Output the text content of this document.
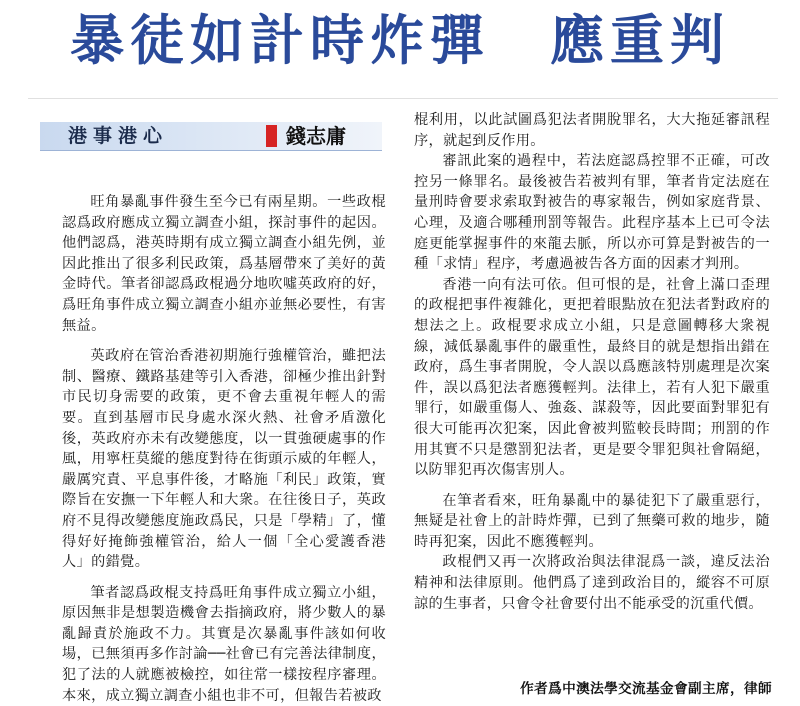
暴徒如計時炸彈　應重判
港事港心	錢志庸

旺角暴亂事件發生至今已有兩星期。一些政棍認爲政府應成立獨立調查小組，探討事件的起因。他們認爲，港英時期有成立獨立調查小組先例，並因此推出了很多利民政策，爲基層帶來了美好的黃金時代。筆者卻認爲政棍過分地吹噓英政府的好，爲旺角事件成立獨立調查小組亦並無必要性，有害無益。

英政府在管治香港初期施行強權管治，雖把法制、醫療、鐵路基建等引入香港，卻極少推出針對市民切身需要的政策，更不會去重視年輕人的需要。直到基層市民身處水深火熱、社會矛盾激化後，英政府亦未有改變態度，以一貫強硬處事的作風，用寧枉莫縱的態度對待在街頭示威的年輕人，嚴厲究責、平息事件後，才略施「利民」政策，實際旨在安撫一下年輕人和大衆。在往後日子，英政府不見得改變態度施政爲民，只是「學精」了，懂得好好掩飾強權管治，給人一個「全心愛護香港人」的錯覺。

筆者認爲政棍支持爲旺角事件成立獨立小組，原因無非是想製造機會去指摘政府，將少數人的暴亂歸責於施政不力。其實是次暴亂事件該如何收場，已無須再多作討論──社會已有完善法律制度，犯了法的人就應被檢控，如往常一樣按程序審理。本來，成立獨立調查小組也非不可，但報告若被政

棍利用，以此試圖爲犯法者開脫罪名，大大拖延審訊程序，就起到反作用。

審訊此案的過程中，若法庭認爲控罪不正確，可改控另一條罪名。最後被告若被判有罪，筆者肯定法庭在量刑時會要求索取對被告的專家報告，例如家庭背景、心理，及適合哪種刑罰等報告。此程序基本上已可令法庭更能掌握事件的來龍去脈，所以亦可算是對被告的一種「求情」程序，考慮過被告各方面的因素才判刑。

香港一向有法可依。但可恨的是，社會上滿口歪理的政棍把事件複雜化，更把着眼點放在犯法者對政府的想法之上。政棍要求成立小組，只是意圖轉移大衆視線，減低暴亂事件的嚴重性，最終目的就是想指出錯在政府，爲生事者開脫，令人誤以爲應該特別處理是次案件，誤以爲犯法者應獲輕判。法律上，若有人犯下嚴重罪行，如嚴重傷人、強姦、謀殺等，因此要面對罪犯有很大可能再次犯案，因此會被判監較長時間；刑罰的作用其實不只是懲罰犯法者，更是要令罪犯與社會隔絕，以防罪犯再次傷害別人。

在筆者看來，旺角暴亂中的暴徒犯下了嚴重惡行，無疑是社會上的計時炸彈，已到了無藥可救的地步，隨時再犯案，因此不應獲輕判。

政棍們又再一次將政治與法律混爲一談，違反法治精神和法律原則。他們爲了達到政治目的，縱容不可原諒的生事者，只會令社會要付出不能承受的沉重代價。

作者爲中澳法學交流基金會副主席，律師
